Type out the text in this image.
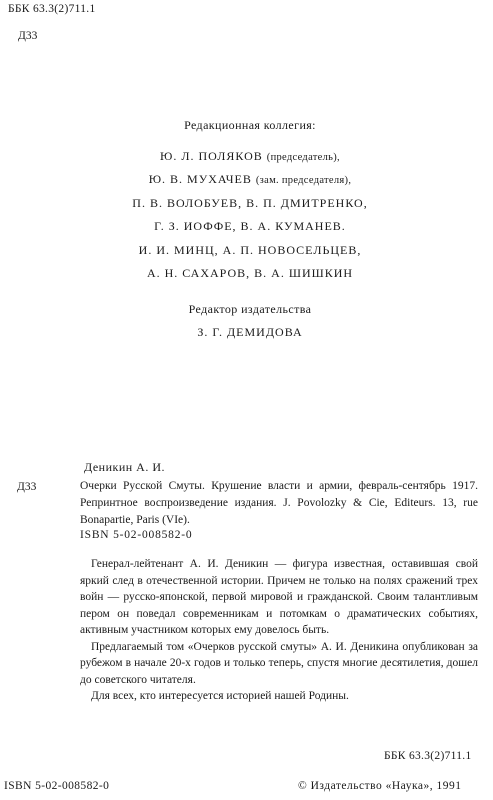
ББК 63.3(2)711.1
Д33
Редакционная коллегия:
Ю. Л. ПОЛЯКОВ (председатель),
Ю. В. МУХАЧЕВ (зам. председателя),
П. В. ВОЛОБУЕВ, В. П. ДМИТРЕНКО,
Г. З. ИОФФЕ, В. А. КУМАНЕВ.
И. И. МИНЦ, А. П. НОВОСЕЛЬЦЕВ,
А. Н. САХАРОВ, В. А. ШИШКИН
Редактор издательства
З. Г. ДЕМИДОВА
Деникин А. И.
Д33	Очерки Русской Смуты. Крушение власти и армии, февраль-сентябрь 1917. Репринтное воспроизведение издания. J. Povolozky & Cie, Editeurs. 13, rue Bonapartie, Paris (VIe).
ISBN 5-02-008582-0

Генерал-лейтенант А. И. Деникин — фигура известная, оставившая свой яркий след в отечественной истории. Причем не только на полях сражений трех войн — русско-японской, первой мировой и гражданской. Своим талантливым пером он поведал современникам и потомкам о драматических событиях, активным участником которых ему довелось быть.

Предлагаемый том «Очерков русской смуты» А. И. Деникина опубликован за рубежом в начале 20-х годов и только теперь, спустя многие десятилетия, дошел до советского читателя.

Для всех, кто интересуется историей нашей Родины.

ББК 63.3(2)711.1
ISBN 5-02-008582-0	© Издательство «Наука», 1991
